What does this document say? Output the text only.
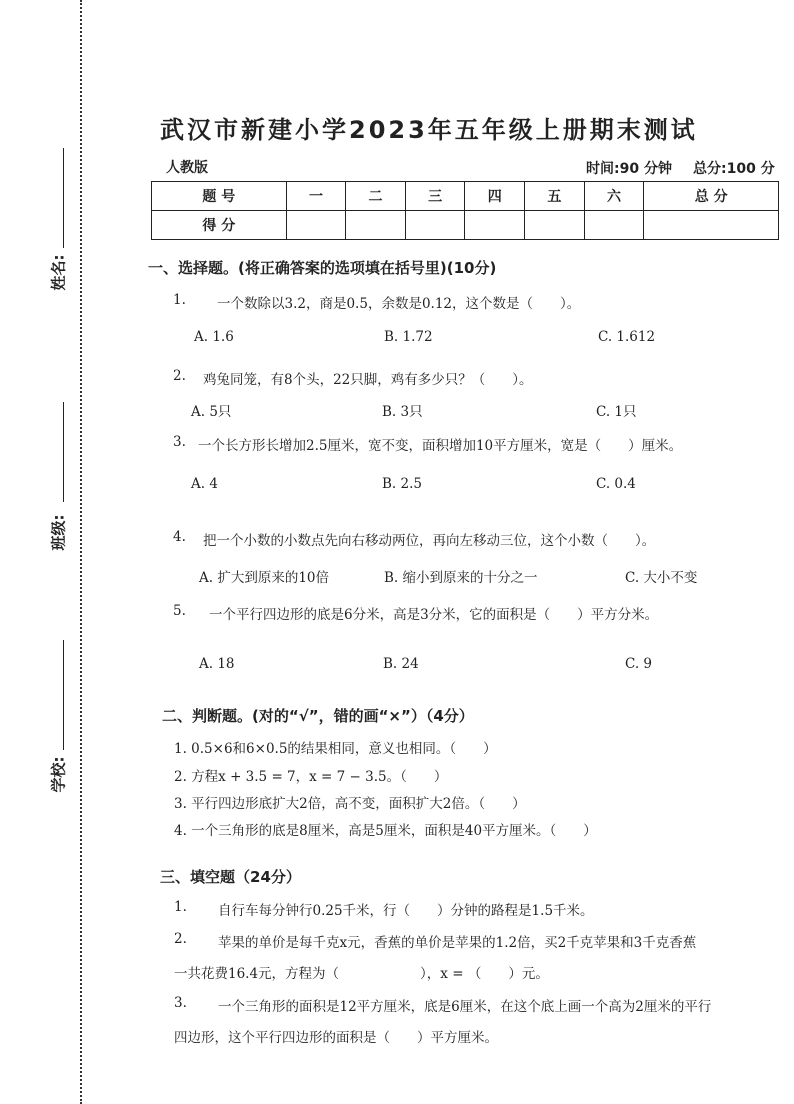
姓名:
班级:
学校:
武汉市新建小学2023年五年级上册期末测试
人教版	时间:90 分钟 总分:100 分
题 号	一	二	三	四	五	六	总 分
得 分							
一、选择题。(将正确答案的选项填在括号里)(10分)
1. 一个数除以3.2，商是0.5，余数是0.12，这个数是（　　）。
A. 1.6	B. 1.72	C. 1.612
2. 鸡兔同笼，有8个头，22只脚，鸡有多少只？（　　）。
A. 5只	B. 3只	C. 1只
3. 一个长方形长增加2.5厘米，宽不变，面积增加10平方厘米，宽是（　　）厘米。
A. 4	B. 2.5	C. 0.4
4. 把一个小数的小数点先向右移动两位，再向左移动三位，这个小数（　　）。
A. 扩大到原来的10倍	B. 缩小到原来的十分之一	C. 大小不变
5. 一个平行四边形的底是6分米，高是3分米，它的面积是（　　）平方分米。
A. 18	B. 24	C. 9
二、判断题。(对的“√”，错的画“×”）（4分）
1. 0.5×6和6×0.5的结果相同，意义也相同。（　　）
2. 方程x + 3.5 = 7，x = 7 − 3.5。（　　）
3. 平行四边形底扩大2倍，高不变，面积扩大2倍。（　　）
4. 一个三角形的底是8厘米，高是5厘米，面积是40平方厘米。（　　）
三、填空题（24分）
1. 自行车每分钟行0.25千米，行（　　）分钟的路程是1.5千米。
2. 苹果的单价是每千克x元，香蕉的单价是苹果的1.2倍，买2千克苹果和3千克香蕉
一共花费16.4元，方程为（　　　　　　），x = （　　）元。
3. 一个三角形的面积是12平方厘米，底是6厘米，在这个底上画一个高为2厘米的平行
四边形，这个平行四边形的面积是（　　）平方厘米。
